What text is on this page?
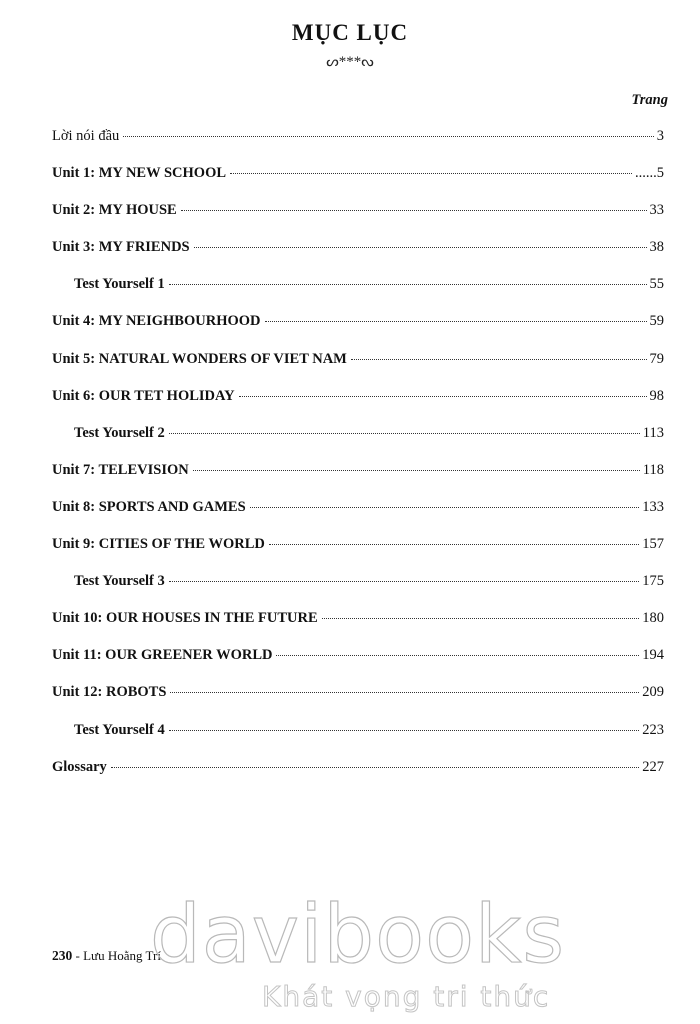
MỤC LỤC
ᔕ***ᔓ
Trang
Lời nói đầu	3
Unit 1: MY NEW SCHOOL	......5
Unit 2: MY HOUSE	33
Unit 3: MY FRIENDS	38
Test Yourself 1	55
Unit 4: MY NEIGHBOURHOOD	59
Unit 5: NATURAL WONDERS OF VIET NAM	79
Unit 6: OUR TET HOLIDAY	98
Test Yourself 2	113
Unit 7: TELEVISION	118
Unit 8: SPORTS AND GAMES	133
Unit 9: CITIES OF THE WORLD	157
Test Yourself 3	175
Unit 10: OUR HOUSES IN THE FUTURE	180
Unit 11: OUR GREENER WORLD	194
Unit 12: ROBOTS	209
Test Yourself 4	223
Glossary	227
230 - Lưu Hoằng Trí
davibooks
Khát vọng tri thức
